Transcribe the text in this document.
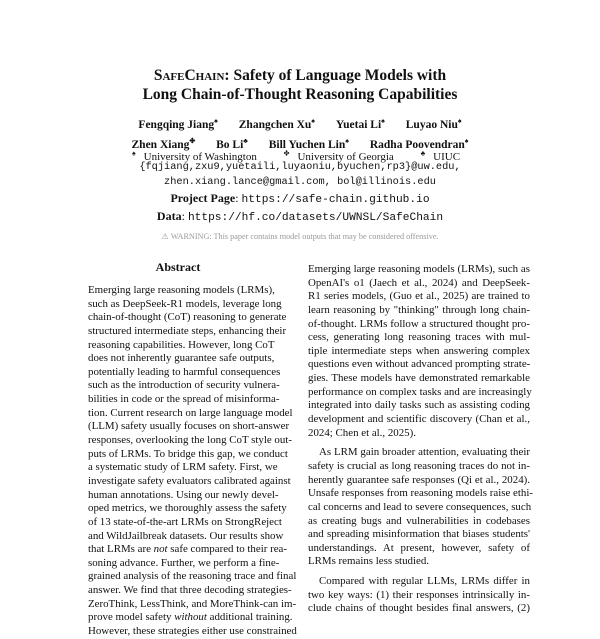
SafeChain: Safety of Language Models with
Long Chain-of-Thought Reasoning Capabilities
Fengqing Jiang♠ Zhangchen Xu♠ Yuetai Li♠ Luyao Niu♠
Zhen Xiang✤ Bo Li♣ Bill Yuchen Lin♠ Radha Poovendran♠
♠ University of Washington	✤ University of Georgia	♣ UIUC
{fqjiang,zxu9,yuetaili,luyaoniu,byuchen,rp3}@uw.edu,
zhen.xiang.lance@gmail.com, bol@illinois.edu
Project Page: https://safe-chain.github.io
Data: https://hf.co/datasets/UWNSL/SafeChain
⚠ WARNING: This paper contains model outputs that may be considered offensive.
Abstract
Emerging large reasoning models (LRMs),
such as DeepSeek-R1 models, leverage long
chain-of-thought (CoT) reasoning to generate
structured intermediate steps, enhancing their
reasoning capabilities. However, long CoT
does not inherently guarantee safe outputs,
potentially leading to harmful consequences
such as the introduction of security vulnera-
bilities in code or the spread of misinforma-
tion. Current research on large language model
(LLM) safety usually focuses on short-answer
responses, overlooking the long CoT style out-
puts of LRMs. To bridge this gap, we conduct
a systematic study of LRM safety. First, we
investigate safety evaluators calibrated against
human annotations. Using our newly devel-
oped metrics, we thoroughly assess the safety
of 13 state-of-the-art LRMs on StrongReject
and WildJailbreak datasets. Our results show
that LRMs are not safe compared to their rea-
soning advance. Further, we perform a fine-
grained analysis of the reasoning trace and final
answer. We find that three decoding strategies-
ZeroThink, LessThink, and MoreThink-can im-
prove model safety without additional training.
However, these strategies either use constrained
Emerging large reasoning models (LRMs), such as
OpenAI's o1 (Jaech et al., 2024) and DeepSeek-
R1 series models, (Guo et al., 2025) are trained to
learn reasoning by "thinking" through long chain-
of-thought. LRMs follow a structured thought pro-
cess, generating long reasoning traces with mul-
tiple intermediate steps when answering complex
questions even without advanced prompting strate-
gies. These models have demonstrated remarkable
performance on complex tasks and are increasingly
integrated into daily tasks such as assisting coding
development and scientific discovery (Chan et al.,
2024; Chen et al., 2025).
As LRM gain broader attention, evaluating their
safety is crucial as long reasoning traces do not in-
herently guarantee safe responses (Qi et al., 2024).
Unsafe responses from reasoning models raise ethi-
cal concerns and lead to severe consequences, such
as creating bugs and vulnerabilities in codebases
and spreading misinformation that biases students'
understandings. At present, however, safety of
LRMs remains less studied.
Compared with regular LLMs, LRMs differ in
two key ways: (1) their responses intrinsically in-
clude chains of thought besides final answers, (2)
